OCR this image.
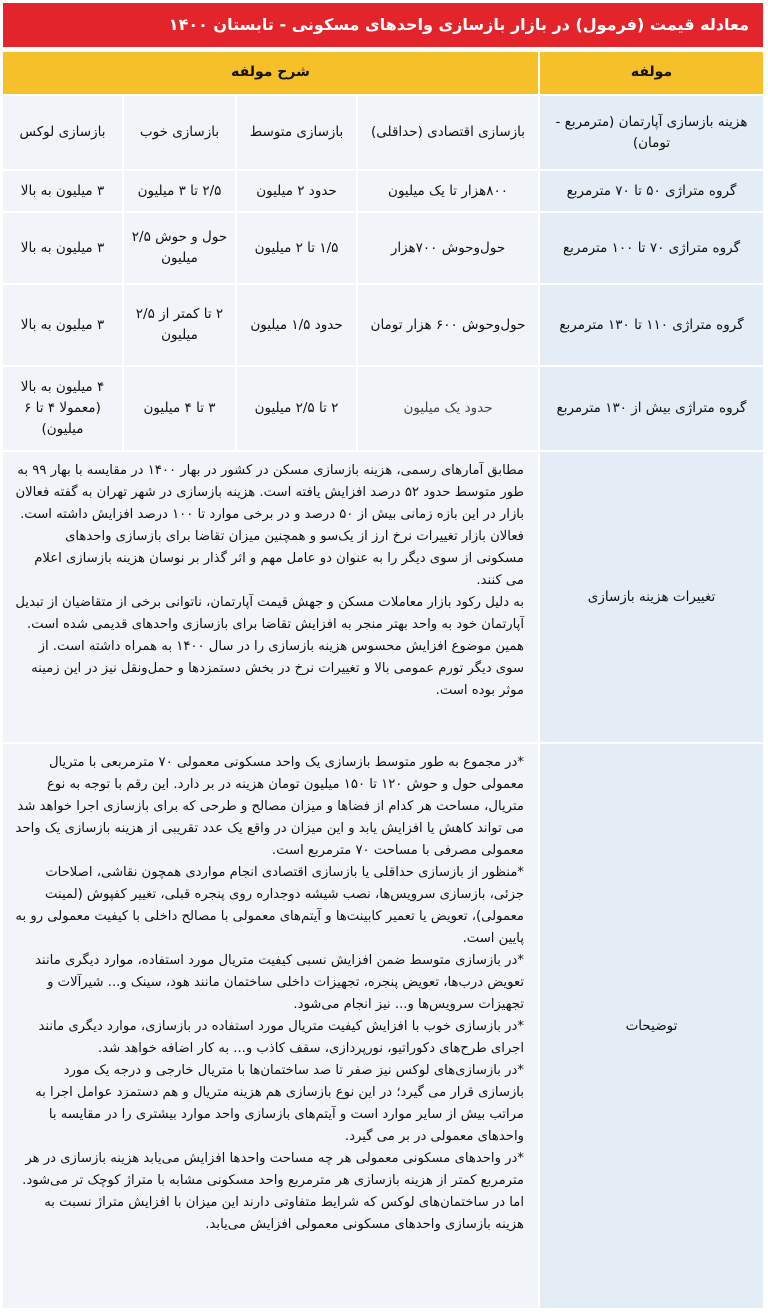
معادله قیمت (فرمول) در بازار بازسازی واحدهای مسکونی - تابستان ۱۴۰۰
مولفه
شرح مولفه
هزینه بازسازی آپارتمان (مترمربع - تومان)
بازسازی اقتصادی (حداقلی)
بازسازی متوسط
بازسازی خوب
بازسازی لوکس
گروه متراژی ۵۰ تا ۷۰ مترمربع
۸۰۰هزار تا یک میلیون
حدود ۲ میلیون
۲/۵ تا ۳ میلیون
۳ میلیون به بالا
گروه متراژی ۷۰ تا ۱۰۰ مترمربع
حول‌وحوش ۷۰۰هزار
۱/۵ تا ۲ میلیون
حول و حوش ۲/۵ میلیون
۳ میلیون به بالا
گروه متراژی ۱۱۰ تا ۱۳۰ مترمربع
حول‌وحوش ۶۰۰ هزار تومان
حدود ۱/۵ میلیون
۲ تا کمتر از ۲/۵ میلیون
۳ میلیون به بالا
گروه متراژی بیش از ۱۳۰ مترمربع
حدود یک میلیون
۲ تا ۲/۵ میلیون
۳ تا ۴ میلیون
۴ میلیون به بالا (معمولا ۴ تا ۶ میلیون)
تغییرات هزینه بازسازی

مطابق آمارهای رسمی، هزینه بازسازی مسکن در کشور در بهار ۱۴۰۰ در مقایسه با بهار ۹۹ به طور متوسط حدود ۵۲ درصد افزایش یافته است. هزینه بازسازی در شهر تهران به گفته فعالان بازار در این بازه زمانی بیش از ۵۰ درصد و در برخی موارد تا ۱۰۰ درصد افزایش داشته است. فعالان بازار تغییرات نرخ ارز از یک‌سو و همچنین میزان تقاضا برای بازسازی واحدهای مسکونی از سوی دیگر را به عنوان دو عامل مهم و اثر گذار بر نوسان هزینه بازسازی اعلام می کنند.

به دلیل رکود بازار معاملات مسکن و جهش قیمت آپارتمان، ناتوانی برخی از متقاضیان از تبدیل آپارتمان خود به واحد بهتر منجر به افزایش تقاضا برای بازسازی واحدهای قدیمی شده است. همین موضوع افزایش محسوس هزینه بازسازی را در سال ۱۴۰۰ به همراه داشته است. از سوی دیگر تورم عمومی بالا و تغییرات نرخ در بخش دستمزدها و حمل‌ونقل نیز در این زمینه موثر بوده است.

توضیحات

*در مجموع به طور متوسط بازسازی یک واحد مسکونی معمولی ۷۰ مترمربعی با متریال معمولی حول و حوش ۱۲۰ تا ۱۵۰ میلیون تومان هزینه در بر دارد. این رقم با توجه به نوع متریال، مساحت هر کدام از فضاها و میزان مصالح و طرحی که برای بازسازی اجرا خواهد شد می تواند کاهش یا افزایش یابد و این میزان در واقع یک عدد تقریبی از هزینه بازسازی یک واحد معمولی مصرفی با مساحت ۷۰ مترمربع است.

*منظور از بازسازی حداقلی یا بازسازی اقتصادی انجام مواردی همچون نقاشی، اصلاحات جزئی، بازسازی سرویس‌ها، نصب شیشه دوجداره روی پنجره قبلی، تغییر کفپوش (لمینت معمولی)، تعویض یا تعمیر کابینت‌ها و آیتم‌های معمولی با مصالح داخلی با کیفیت معمولی رو به پایین است.

*در بازسازی متوسط ضمن افزایش نسبی کیفیت متریال مورد استفاده، موارد دیگری مانند تعویض درب‌ها، تعویض پنجره، تجهیزات داخلی ساختمان مانند هود، سینک و... شیرآلات و تجهیزات سرویس‌ها و... نیز انجام می‌شود.

*در بازسازی خوب با افزایش کیفیت متریال مورد استفاده در بازسازی، موارد دیگری مانند اجرای طرح‌های دکوراتیو، نورپردازی، سقف کاذب و... به کار اضافه خواهد شد.

*در بازسازی‌های لوکس نیز صفر تا صد ساختمان‌ها با متریال خارجی و درجه یک مورد بازسازی قرار می گیرد؛ در این نوع بازسازی هم هزینه متریال و هم دستمزد عوامل اجرا به مراتب بیش از سایر موارد است و آیتم‌های بازسازی واحد موارد بیشتری را در مقایسه با واحدهای معمولی در بر می گیرد.

*در واحدهای مسکونی معمولی هر چه مساحت واحدها افزایش می‌یابد هزینه بازسازی در هر مترمربع کمتر از هزینه بازسازی هر مترمربع واحد مسکونی مشابه با متراژ کوچک تر می‌شود. اما در ساختمان‌های لوکس که شرایط متفاوتی دارند این میزان با افزایش متراژ نسبت به هزینه بازسازی واحدهای مسکونی معمولی افزایش می‌یابد.
